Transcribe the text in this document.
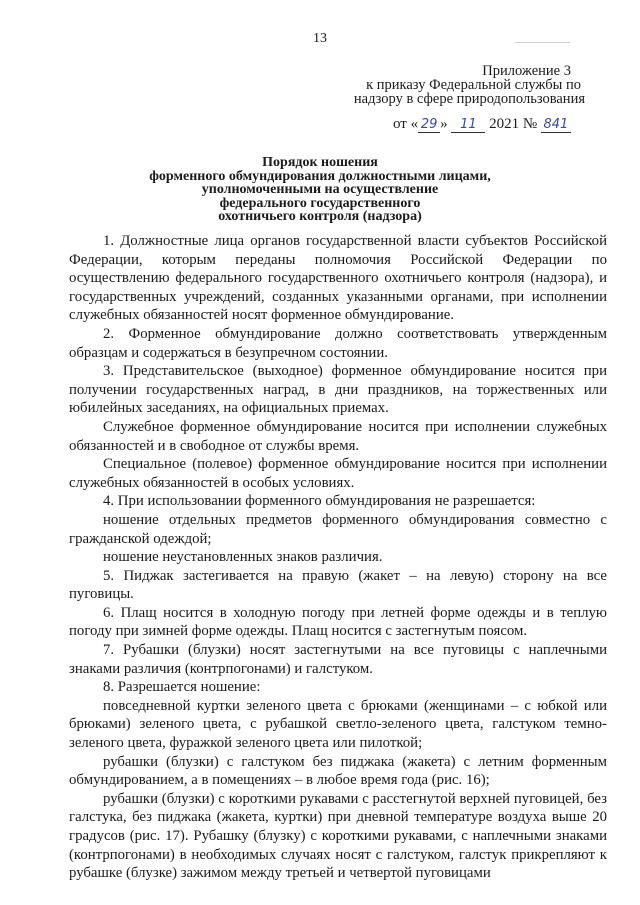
13
Приложение 3
к приказу Федеральной службы по
надзору в сфере природопользования
от « 29 » 11 2021 № 841
Порядок ношения
форменного обмундирования должностными лицами,
уполномоченными на осуществление
федерального государственного
охотничьего контроля (надзора)

1. Должностные лица органов государственной власти субъектов Российской Федерации, которым переданы полномочия Российской Федерации по осуществлению федерального государственного охотничьего контроля (надзора), и государственных учреждений, созданных указанными органами, при исполнении служебных обязанностей носят форменное обмундирование.

2. Форменное обмундирование должно соответствовать утвержденным образцам и содержаться в безупречном состоянии.

3. Представительское (выходное) форменное обмундирование носится при получении государственных наград, в дни праздников, на торжественных или юбилейных заседаниях, на официальных приемах.

Служебное форменное обмундирование носится при исполнении служебных обязанностей и в свободное от службы время.

Специальное (полевое) форменное обмундирование носится при исполнении служебных обязанностей в особых условиях.

4. При использовании форменного обмундирования не разрешается:

ношение отдельных предметов форменного обмундирования совместно с гражданской одеждой;

ношение неустановленных знаков различия.

5. Пиджак застегивается на правую (жакет – на левую) сторону на все пуговицы.

6. Плащ носится в холодную погоду при летней форме одежды и в теплую погоду при зимней форме одежды. Плащ носится с застегнутым поясом.

7. Рубашки (блузки) носят застегнутыми на все пуговицы с наплечными знаками различия (контрпогонами) и галстуком.

8. Разрешается ношение:

повседневной куртки зеленого цвета с брюками (женщинами – с юбкой или брюками) зеленого цвета, с рубашкой светло-зеленого цвета, галстуком темно-зеленого цвета, фуражкой зеленого цвета или пилоткой;

рубашки (блузки) с галстуком без пиджака (жакета) с летним форменным обмундированием, а в помещениях – в любое время года (рис. 16);

рубашки (блузки) с короткими рукавами с расстегнутой верхней пуговицей, без галстука, без пиджака (жакета, куртки) при дневной температуре воздуха выше 20 градусов (рис. 17). Рубашку (блузку) с короткими рукавами, с наплечными знаками (контрпогонами) в необходимых случаях носят с галстуком, галстук прикрепляют к рубашке (блузке) зажимом между третьей и четвертой пуговицами
